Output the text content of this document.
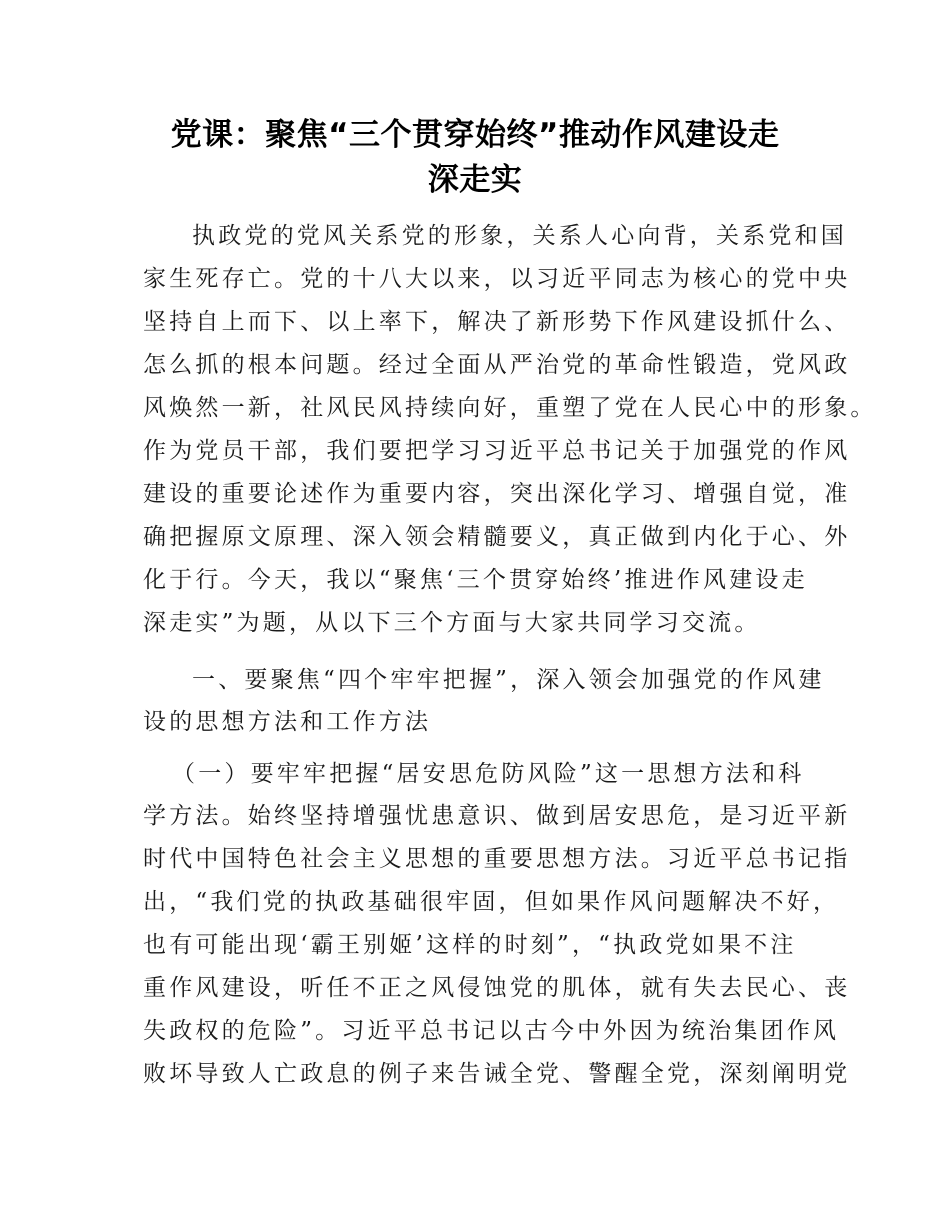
党课：聚焦“三个贯穿始终”推动作风建设走
深走实
执政党的党风关系党的形象，关系人心向背，关系党和国
家生死存亡。党的十八大以来，以习近平同志为核心的党中央
坚持自上而下、以上率下，解决了新形势下作风建设抓什么、
怎么抓的根本问题。经过全面从严治党的革命性锻造，党风政
风焕然一新，社风民风持续向好，重塑了党在人民心中的形象。
作为党员干部，我们要把学习习近平总书记关于加强党的作风
建设的重要论述作为重要内容，突出深化学习、增强自觉，准
确把握原文原理、深入领会精髓要义，真正做到内化于心、外
化于行。今天，我以“聚焦‘三个贯穿始终’推进作风建设走
深走实”为题，从以下三个方面与大家共同学习交流。
一、要聚焦“四个牢牢把握”，深入领会加强党的作风建
设的思想方法和工作方法
（一）要牢牢把握“居安思危防风险”这一思想方法和科
学方法。始终坚持增强忧患意识、做到居安思危，是习近平新
时代中国特色社会主义思想的重要思想方法。习近平总书记指
出，“我们党的执政基础很牢固，但如果作风问题解决不好，
也有可能出现‘霸王别姬’这样的时刻”，“执政党如果不注
重作风建设，听任不正之风侵蚀党的肌体，就有失去民心、丧
失政权的危险”。习近平总书记以古今中外因为统治集团作风
败坏导致人亡政息的例子来告诫全党、警醒全党，深刻阐明党
